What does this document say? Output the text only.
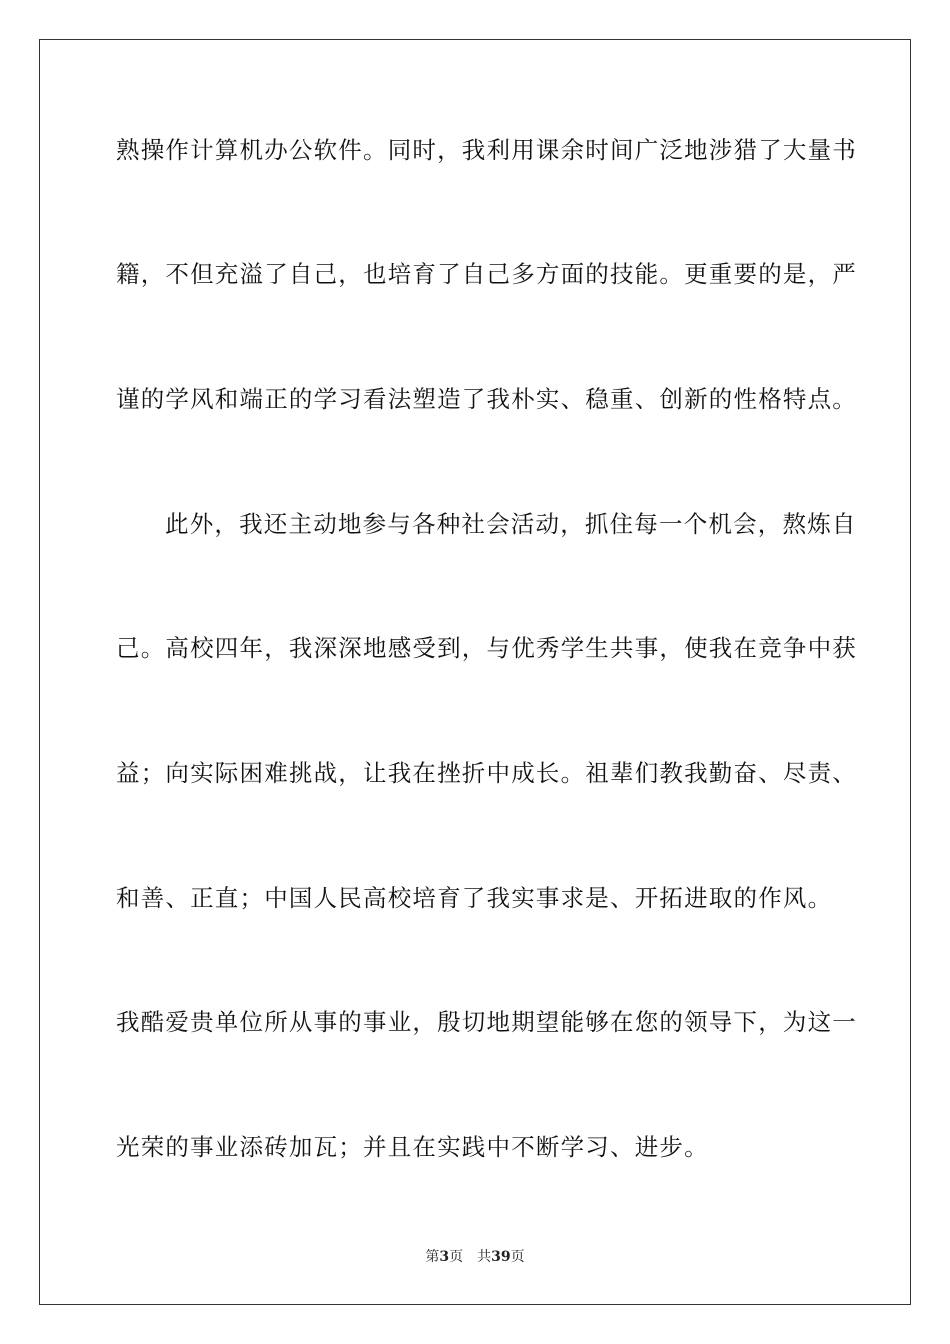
熟操作计算机办公软件。同时，我利用课余时间广泛地涉猎了大量书
籍，不但充溢了自己，也培育了自己多方面的技能。更重要的是，严
谨的学风和端正的学习看法塑造了我朴实、稳重、创新的性格特点。
此外，我还主动地参与各种社会活动，抓住每一个机会，熬炼自
己。高校四年，我深深地感受到，与优秀学生共事，使我在竞争中获
益；向实际困难挑战，让我在挫折中成长。祖辈们教我勤奋、尽责、
和善、正直；中国人民高校培育了我实事求是、开拓进取的作风。
我酷爱贵单位所从事的事业，殷切地期望能够在您的领导下，为这一
光荣的事业添砖加瓦；并且在实践中不断学习、进步。
第3页 共39页
